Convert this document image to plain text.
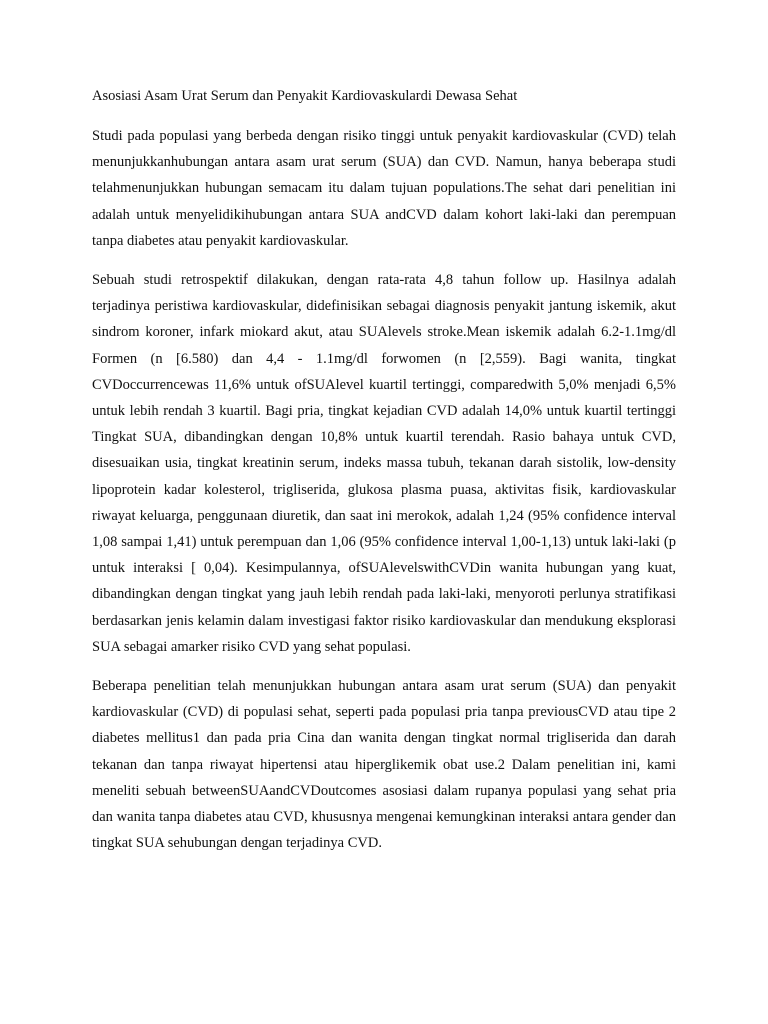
Asosiasi Asam Urat Serum dan Penyakit Kardiovaskulardi Dewasa Sehat

Studi pada populasi yang berbeda dengan risiko tinggi untuk penyakit kardiovaskular (CVD) telah menunjukkanhubungan antara asam urat serum (SUA) dan CVD. Namun, hanya beberapa studi telahmenunjukkan hubungan semacam itu dalam tujuan populations.The sehat dari penelitian ini adalah untuk menyelidikihubungan antara SUA andCVD dalam kohort laki-laki dan perempuan tanpa diabetes atau penyakit kardiovaskular.

Sebuah studi retrospektif dilakukan, dengan rata-rata 4,8 tahun follow up. Hasilnya adalah terjadinya peristiwa kardiovaskular, didefinisikan sebagai diagnosis penyakit jantung iskemik, akut sindrom koroner, infark miokard akut, atau SUAlevels stroke.Mean iskemik adalah 6.2-1.1mg/dl Formen (n [6.580) dan 4,4 - 1.1mg/dl forwomen (n [2,559). Bagi wanita, tingkat CVDoccurrencewas 11,6% untuk ofSUAlevel kuartil tertinggi, comparedwith 5,0% menjadi 6,5% untuk lebih rendah 3 kuartil. Bagi pria, tingkat kejadian CVD adalah 14,0% untuk kuartil tertinggi Tingkat SUA, dibandingkan dengan 10,8% untuk kuartil terendah. Rasio bahaya untuk CVD, disesuaikan usia, tingkat kreatinin serum, indeks massa tubuh, tekanan darah sistolik, low-density lipoprotein kadar kolesterol, trigliserida, glukosa plasma puasa, aktivitas fisik, kardiovaskular riwayat keluarga, penggunaan diuretik, dan saat ini merokok, adalah 1,24 (95% confidence interval 1,08 sampai 1,41) untuk perempuan dan 1,06 (95% confidence interval 1,00-1,13) untuk laki-laki (p untuk interaksi [ 0,04). Kesimpulannya, ofSUAlevelswithCVDin wanita hubungan yang kuat, dibandingkan dengan tingkat yang jauh lebih rendah pada laki-laki, menyoroti perlunya stratifikasi berdasarkan jenis kelamin dalam investigasi faktor risiko kardiovaskular dan mendukung eksplorasi SUA sebagai amarker risiko CVD yang sehat populasi.

Beberapa penelitian telah menunjukkan hubungan antara asam urat serum (SUA) dan penyakit kardiovaskular (CVD) di populasi sehat, seperti pada populasi pria tanpa previousCVD atau tipe 2 diabetes mellitus1 dan pada pria Cina dan wanita dengan tingkat normal trigliserida dan darah tekanan dan tanpa riwayat hipertensi atau hiperglikemik obat use.2 Dalam penelitian ini, kami meneliti sebuah betweenSUAandCVDoutcomes asosiasi dalam rupanya populasi yang sehat pria dan wanita tanpa diabetes atau CVD, khususnya mengenai kemungkinan interaksi antara gender dan tingkat SUA sehubungan dengan terjadinya CVD.
